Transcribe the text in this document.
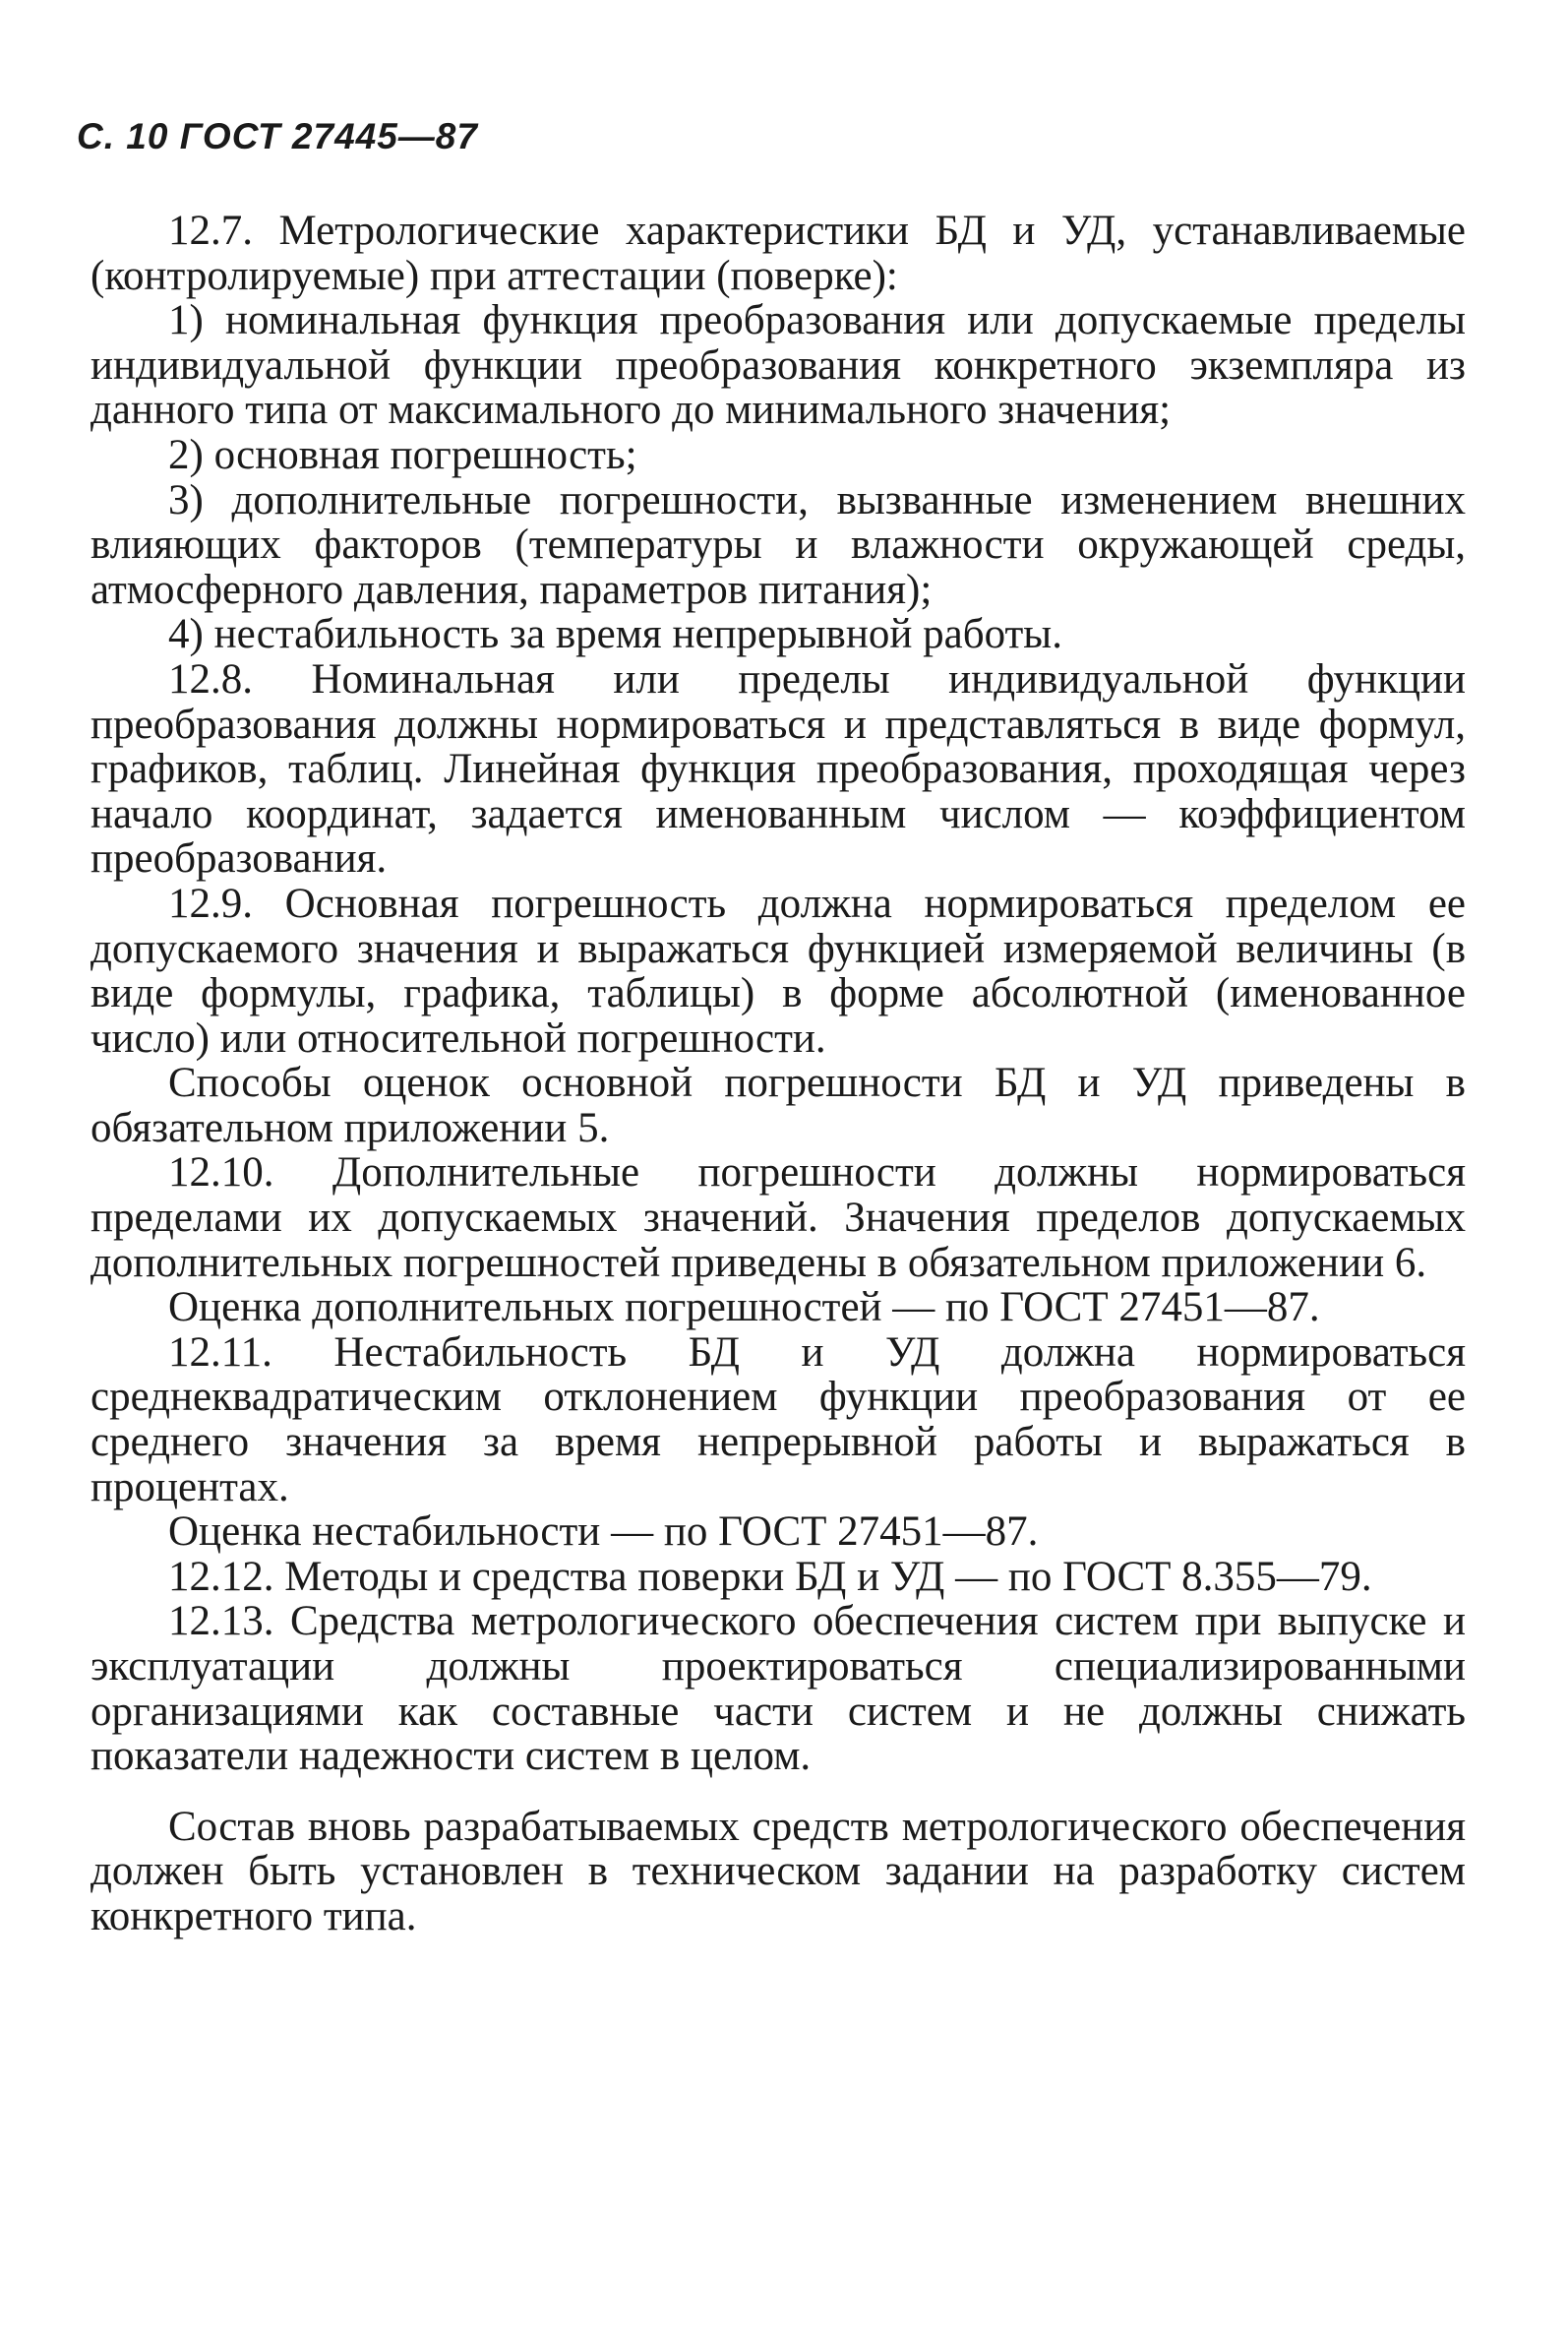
С. 10 ГОСТ 27445—87

12.7. Метрологические характеристики БД и УД, устанавливаемые (контролируемые) при аттестации (поверке):

1) номинальная функция преобразования или допускаемые пределы индивидуальной функции преобразования конкретного экземпляра из данного типа от максимального до минимального значения;

2) основная погрешность;

3) дополнительные погрешности, вызванные изменением внешних влияющих факторов (температуры и влажности окружающей среды, атмосферного давления, параметров питания);

4) нестабильность за время непрерывной работы.

12.8. Номинальная или пределы индивидуальной функции преобразования должны нормироваться и представляться в виде формул, графиков, таблиц. Линейная функция преобразования, проходящая через начало координат, задается именованным числом — коэффициентом преобразования.

12.9. Основная погрешность должна нормироваться пределом ее допускаемого значения и выражаться функцией измеряемой величины (в виде формулы, графика, таблицы) в форме абсолютной (именованное число) или относительной погрешности.

Способы оценок основной погрешности БД и УД приведены в обязательном приложении 5.

12.10. Дополнительные погрешности должны нормироваться пределами их допускаемых значений. Значения пределов допускаемых дополнительных погрешностей приведены в обязательном приложении 6.

Оценка дополнительных погрешностей — по ГОСТ 27451—87.

12.11. Нестабильность БД и УД должна нормироваться среднеквадратическим отклонением функции преобразования от ее среднего значения за время непрерывной работы и выражаться в процентах.

Оценка нестабильности — по ГОСТ 27451—87.

12.12. Методы и средства поверки БД и УД — по ГОСТ 8.355—79.

12.13. Средства метрологического обеспечения систем при выпуске и эксплуатации должны проектироваться специализированными организациями как составные части систем и не должны снижать показатели надежности систем в целом.

Состав вновь разрабатываемых средств метрологического обеспечения должен быть установлен в техническом задании на разработку систем конкретного типа.
